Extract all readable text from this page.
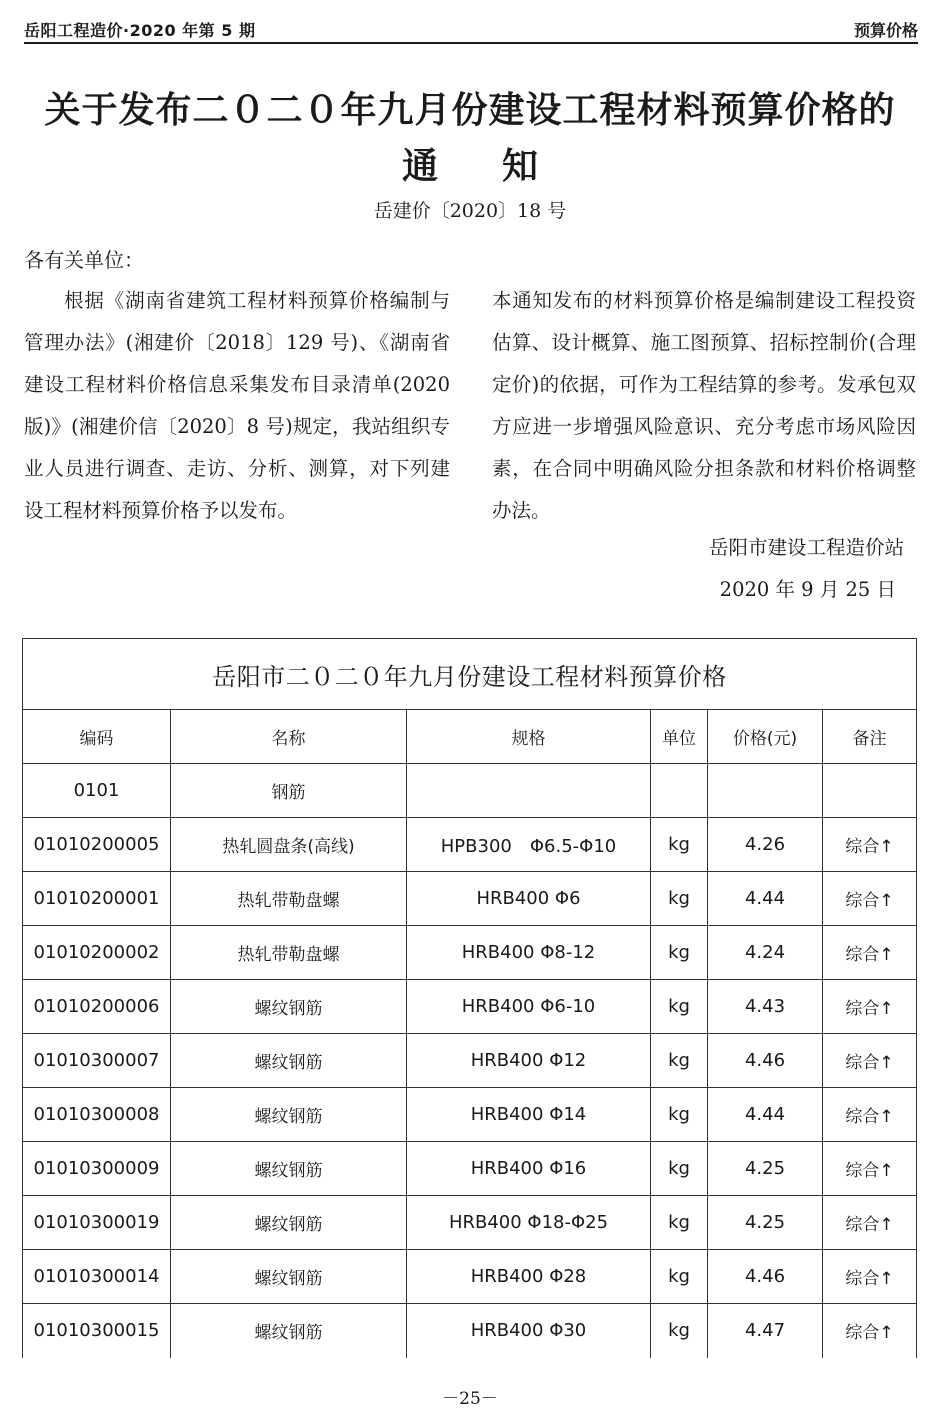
岳阳工程造价·2020 年第 5 期	预算价格
关于发布二０二０年九月份建设工程材料预算价格的
通知
岳建价〔2020〕18 号
各有关单位：

根据《湖南省建筑工程材料预算价格编制与管理办法》(湘建价〔2018〕129 号)、《湖南省建设工程材料价格信息采集发布目录清单(2020 版)》(湘建价信〔2020〕8 号)规定，我站组织专业人员进行调查、走访、分析、测算，对下列建设工程材料预算价格予以发布。

本通知发布的材料预算价格是编制建设工程投资估算、设计概算、施工图预算、招标控制价(合理定价)的依据，可作为工程结算的参考。发承包双方应进一步增强风险意识、充分考虑市场风险因素，在合同中明确风险分担条款和材料价格调整办法。

岳阳市建设工程造价站
2020 年 9 月 25 日
岳阳市二０二０年九月份建设工程材料预算价格					
编码	名称	规格	单位	价格(元)	备注
0101	钢筋				
01010200005	热轧圆盘条(高线)	HPB300　Φ6.5-Φ10	kg	4.26	综合↑
01010200001	热轧带勒盘螺	HRB400 Φ6	kg	4.44	综合↑
01010200002	热轧带勒盘螺	HRB400 Φ8-12	kg	4.24	综合↑
01010200006	螺纹钢筋	HRB400 Φ6-10	kg	4.43	综合↑
01010300007	螺纹钢筋	HRB400 Φ12	kg	4.46	综合↑
01010300008	螺纹钢筋	HRB400 Φ14	kg	4.44	综合↑
01010300009	螺纹钢筋	HRB400 Φ16	kg	4.25	综合↑
01010300019	螺纹钢筋	HRB400 Φ18-Φ25	kg	4.25	综合↑
01010300014	螺纹钢筋	HRB400 Φ28	kg	4.46	综合↑
01010300015	螺纹钢筋	HRB400 Φ30	kg	4.47	综合↑
－25－
